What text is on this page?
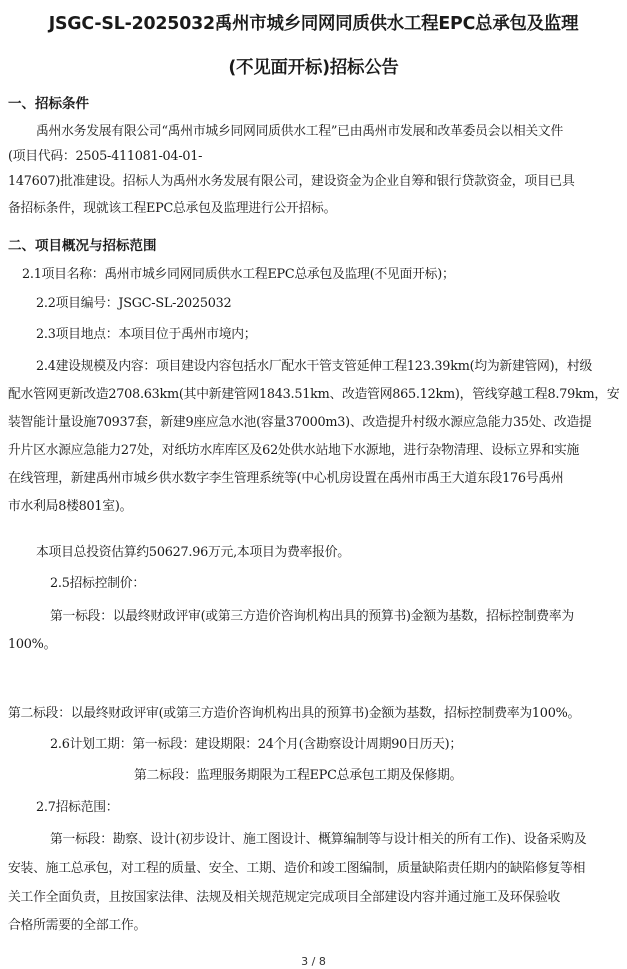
JSGC-SL-2025032禹州市城乡同网同质供水工程EPC总承包及监理
(不见面开标)招标公告
一、招标条件
禹州水务发展有限公司“禹州市城乡同网同质供水工程”已由禹州市发展和改革委员会以相关文件
(项目代码：2505-411081-04-01-
147607)批准建设。招标人为禹州水务发展有限公司，建设资金为企业自筹和银行贷款资金，项目已具
备招标条件，现就该工程EPC总承包及监理进行公开招标。
二、项目概况与招标范围
2.1项目名称：禹州市城乡同网同质供水工程EPC总承包及监理(不见面开标)；
2.2项目编号：JSGC-SL-2025032
2.3项目地点：本项目位于禹州市境内；
2.4建设规模及内容：项目建设内容包括水厂配水干管支管延伸工程123.39km(均为新建管网)，村级
配水管网更新改造2708.63km(其中新建管网1843.51km、改造管网865.12km)，管线穿越工程8.79km，安
装智能计量设施70937套，新建9座应急水池(容量37000m3)、改造提升村级水源应急能力35处、改造提
升片区水源应急能力27处，对纸坊水库库区及62处供水站地下水源地，进行杂物清理、设标立界和实施
在线管理，新建禹州市城乡供水数字李生管理系统等(中心机房设置在禹州市禹王大道东段176号禹州
市水利局8楼801室)。
本项目总投资估算约50627.96万元,本项目为费率报价。
2.5招标控制价：
第一标段：以最终财政评审(或第三方造价咨询机构出具的预算书)金额为基数，招标控制费率为
100%。
第二标段：以最终财政评审(或第三方造价咨询机构出具的预算书)金额为基数，招标控制费率为100%。
2.6计划工期：第一标段：建设期限：24个月(含勘察设计周期90日历天)；
第二标段：监理服务期限为工程EPC总承包工期及保修期。
2.7招标范围：
第一标段：勘察、设计(初步设计、施工图设计、概算编制等与设计相关的所有工作)、设备采购及
安装、施工总承包，对工程的质量、安全、工期、造价和竣工图编制，质量缺陷责任期内的缺陷修复等相
关工作全面负责，且按国家法律、法规及相关规范规定完成项目全部建设内容并通过施工及环保验收
合格所需要的全部工作。
3 / 8
